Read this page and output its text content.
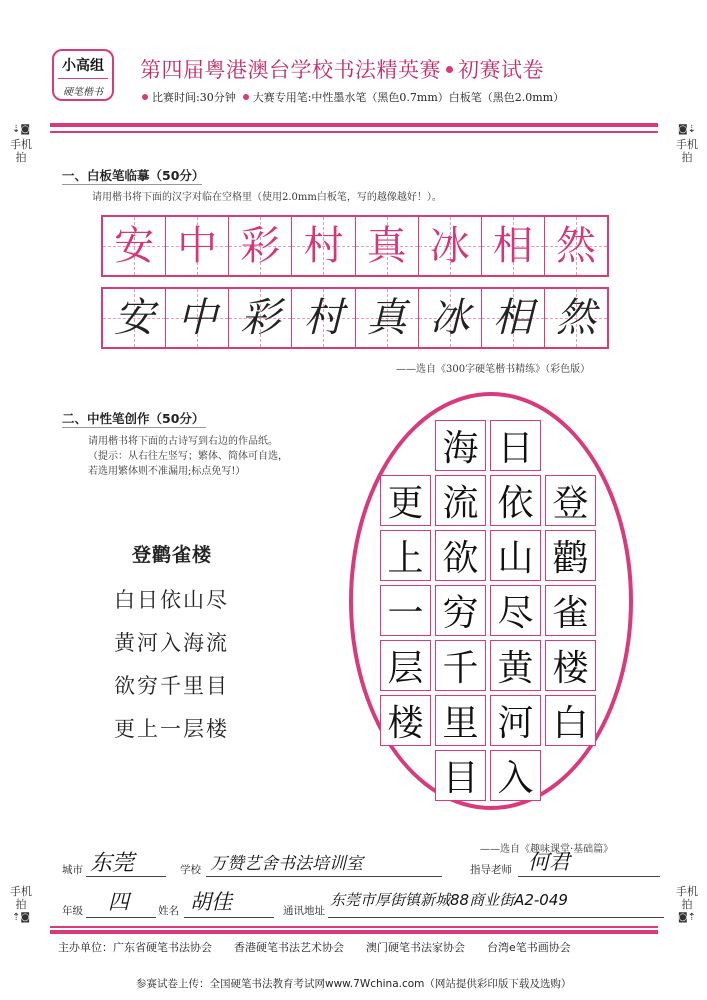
小高组
硬笔楷书
第四届粤港澳台学校书法精英赛 初赛试卷
比赛时间:30分钟 大赛专用笔:中性墨水笔（黑色0.7mm）白板笔（黑色2.0mm）
⇣◙
手机拍
◙⇣
手机拍
手机拍
⇡◙
手机拍
◙⇡
一、白板笔临摹（50分）
请用楷书将下面的汉字对临在空格里（使用2.0mm白板笔，写的越像越好！）。
安 中 彩 村 真 冰 相 然
安 中 彩 村 真 冰 相 然
——选自《300字硬笔楷书精练》（彩色版）
二、中性笔创作（50分）
请用楷书将下面的古诗写到右边的作品纸。
（提示：从右往左竖写；繁体、简体可自选，
若选用繁体则不准漏用;标点免写!）
登鹳雀楼
白日依山尽
黄河入海流
欲穷千里目
更上一层楼
登
鹳
雀
楼
白
日
依
山
尽
黄
河
入
海
流
欲
穷
千
里
目
更
上
一
层
楼
——选自《趣味课堂·基础篇》
城市 东莞	学校 万赞艺舍书法培训室	指导老师 何君
年级 四	姓名 胡佳	通讯地址
东莞市厚街镇新城88商业街A2-049
主办单位：广东省硬笔书法协会　　香港硬笔书法艺术协会　　澳门硬笔书法家协会　　台湾e笔书画协会
参赛试卷上传：全国硬笔书法教育考试网www.7Wchina.com（网站提供彩印版下载及选购）
